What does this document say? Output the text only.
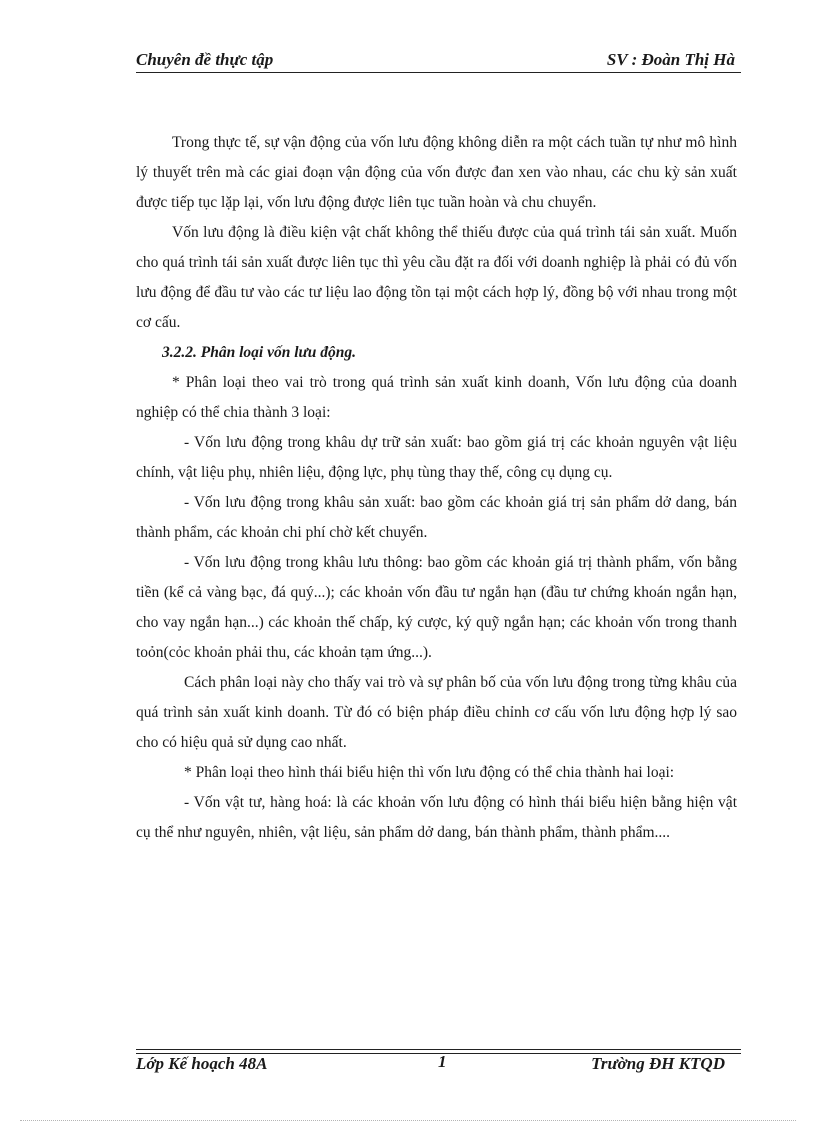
Chuyên đề thực tập	SV : Đoàn Thị Hà

Trong thực tế, sự vận động của vốn lưu động không diễn ra một cách tuần tự như mô hình lý thuyết trên mà các giai đoạn vận động của vốn được đan xen vào nhau, các chu kỳ sản xuất được tiếp tục lặp lại, vốn lưu động được liên tục tuần hoàn và chu chuyển.

Vốn lưu động là điều kiện vật chất không thể thiếu được của quá trình tái sản xuất. Muốn cho quá trình tái sản xuất được liên tục thì yêu cầu đặt ra đối với doanh nghiệp là phải có đủ vốn lưu động để đầu tư vào các tư liệu lao động tồn tại một cách hợp lý, đồng bộ với nhau trong một cơ cấu.

3.2.2. Phân loại vốn lưu động.

* Phân loại theo vai trò trong quá trình sản xuất kinh doanh, Vốn lưu động của doanh nghiệp có thể chia thành 3 loại:

- Vốn lưu động trong khâu dự trữ sản xuất: bao gồm giá trị các khoản nguyên vật liệu chính, vật liệu phụ, nhiên liệu, động lực, phụ tùng thay thế, công cụ dụng cụ.

- Vốn lưu động trong khâu sản xuất: bao gồm các khoản giá trị sản phẩm dở dang, bán thành phẩm, các khoản chi phí chờ kết chuyển.

- Vốn lưu động trong khâu lưu thông: bao gồm các khoản giá trị thành phẩm, vốn bằng tiền (kể cả vàng bạc, đá quý...); các khoản vốn đầu tư ngắn hạn (đầu tư chứng khoán ngắn hạn, cho vay ngắn hạn...) các khoản thế chấp, ký cược, ký quỹ ngắn hạn; các khoản vốn trong thanh toỏn(cỏc khoản phải thu, các khoản tạm ứng...).

Cách phân loại này cho thấy vai trò và sự phân bố của vốn lưu động trong từng khâu của quá trình sản xuất kinh doanh. Từ đó có biện pháp điều chỉnh cơ cấu vốn lưu động hợp lý sao cho có hiệu quả sử dụng cao nhất.

* Phân loại theo hình thái biểu hiện thì vốn lưu động có thể chia thành hai loại:

- Vốn vật tư, hàng hoá: là các khoản vốn lưu động có hình thái biểu hiện bằng hiện vật cụ thể như nguyên, nhiên, vật liệu, sản phẩm dở dang, bán thành phẩm, thành phẩm....

Lớp Kế hoạch 48A	1	Trường ĐH KTQD
